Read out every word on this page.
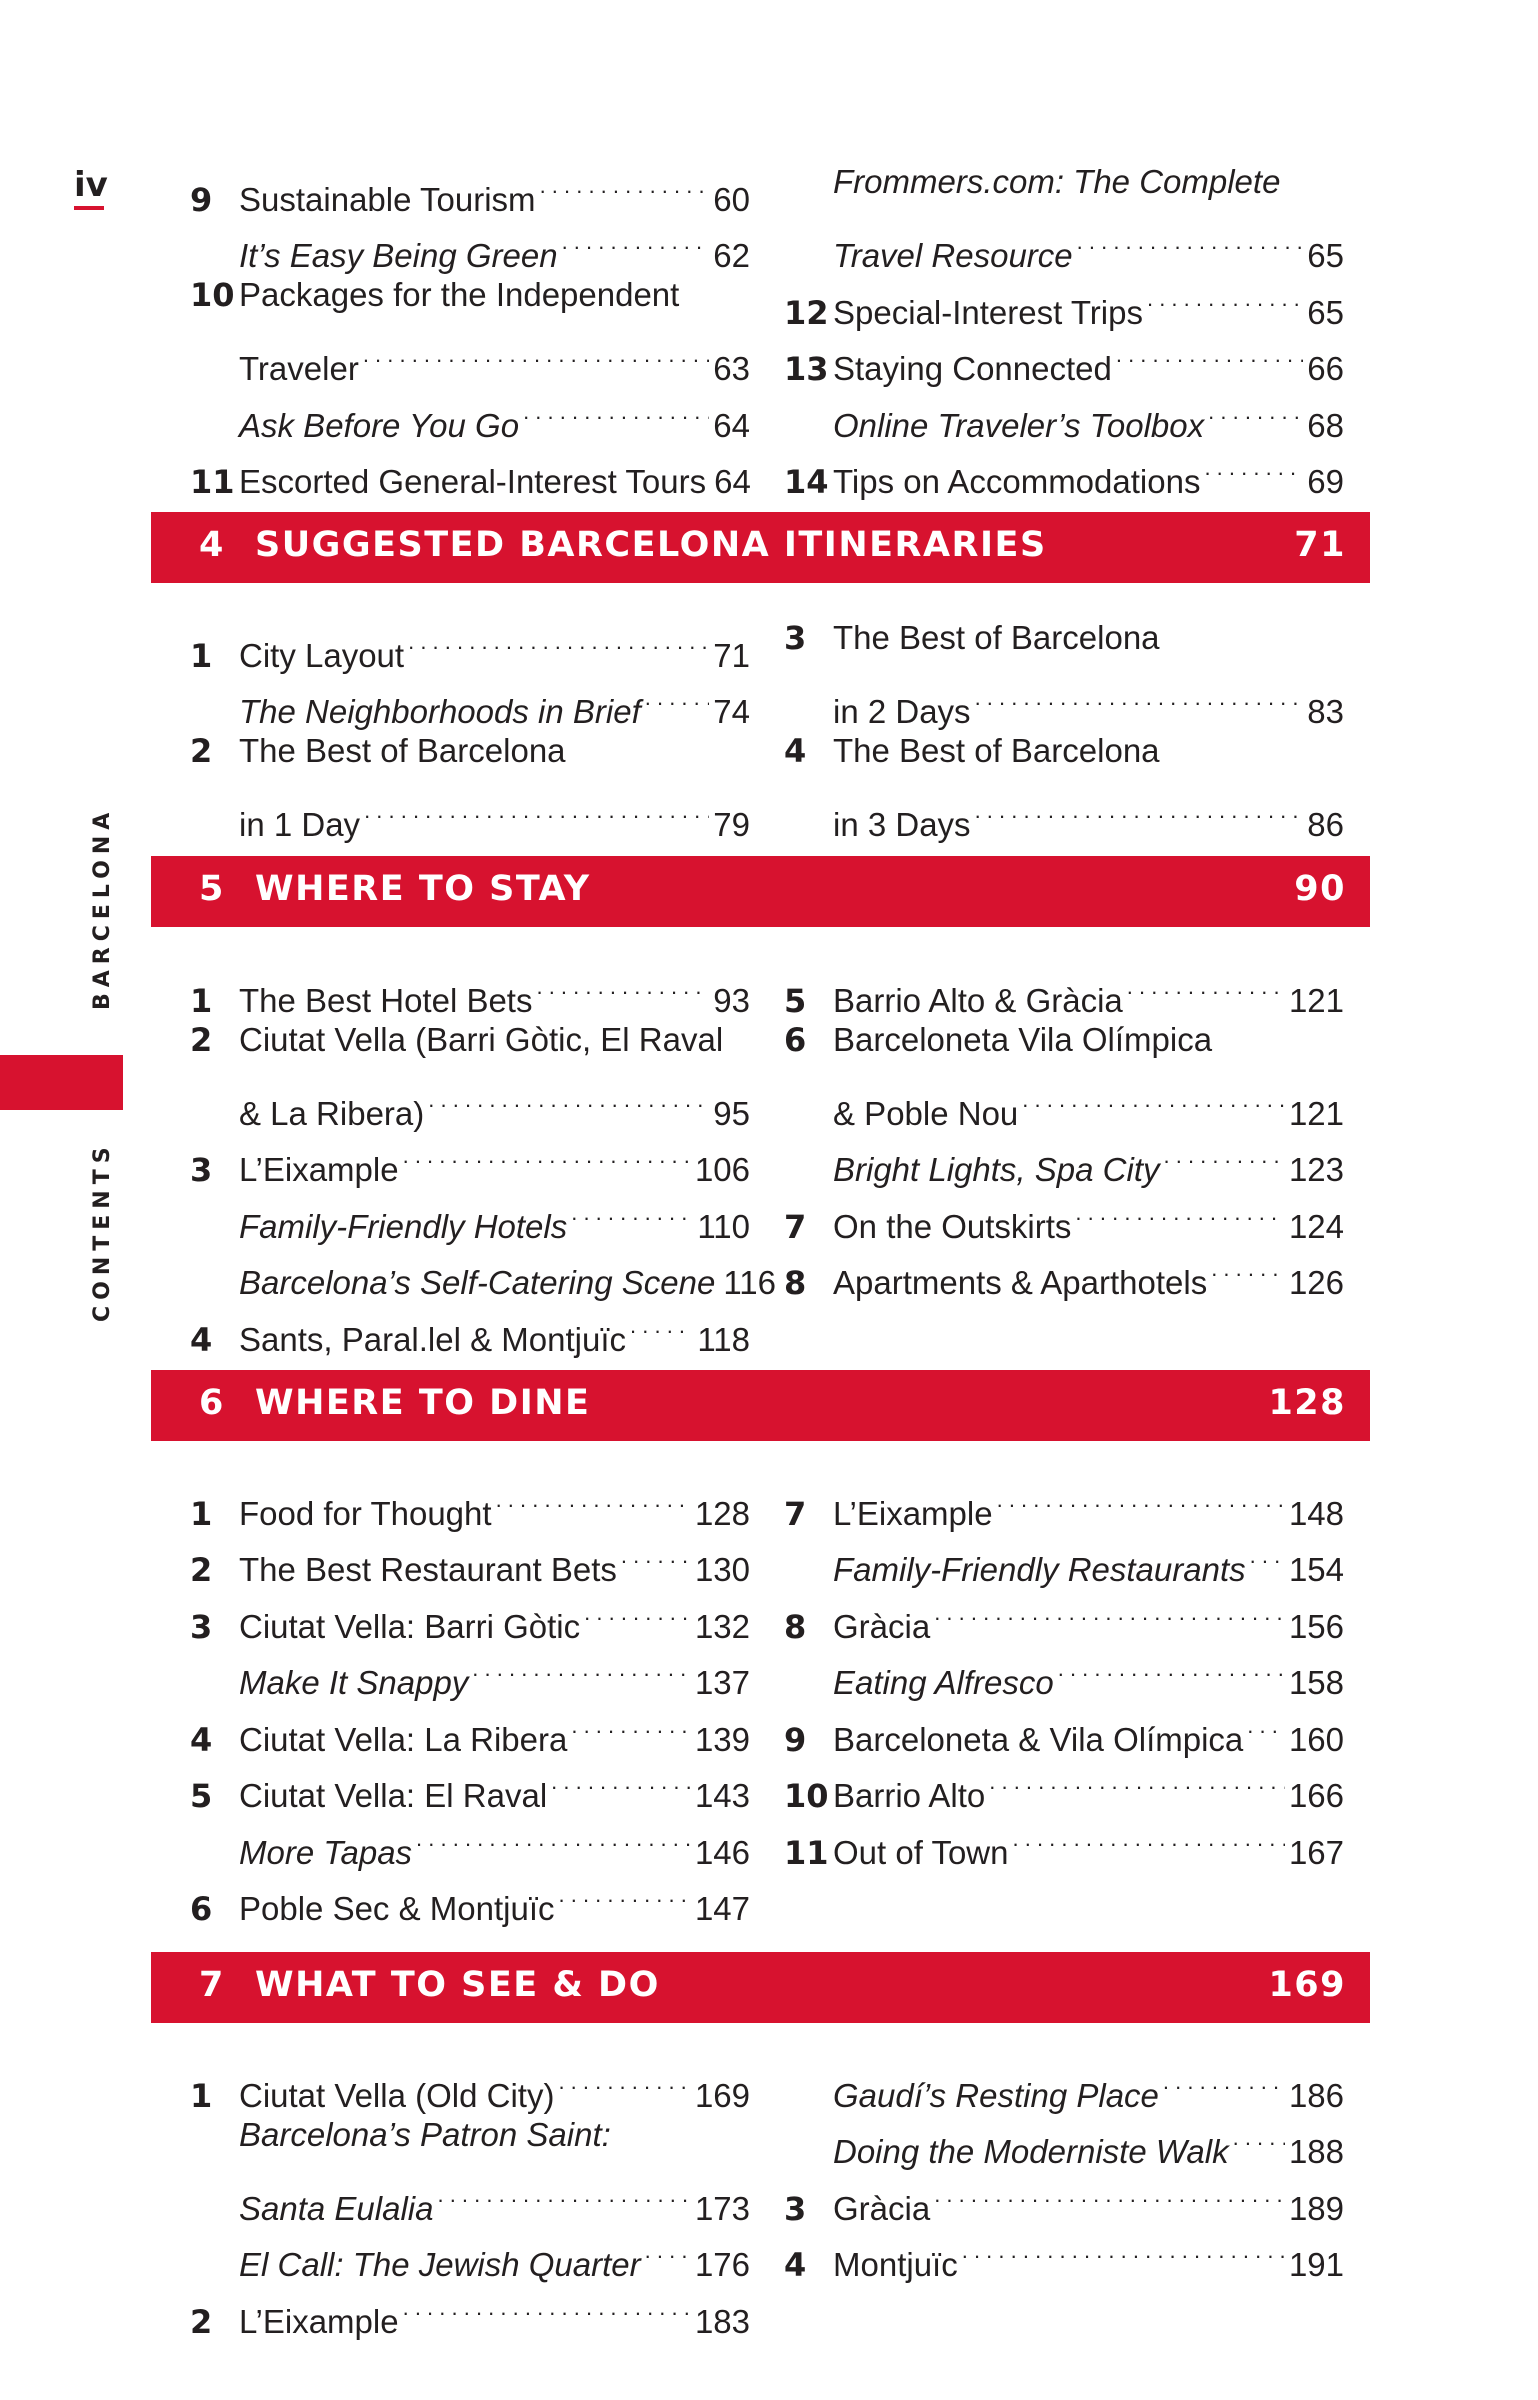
iv
BARCELONA
CONTENTS
9 Sustainable Tourism . . .	60
It’s Easy Being Green . . .	62
10 Packages for the Independent
Traveler . . .	63
Ask Before You Go . . .	64
11 Escorted General-Interest Tours 64
Frommers.com: The Complete
Travel Resource . . .	65
12 Special-Interest Trips . . .	65
13 Staying Connected . . .	66
Online Traveler’s Toolbox . . .	68
14 Tips on Accommodations . . .	69
4 SUGGESTED BARCELONA ITINERARIES	71
1 City Layout . . .	71
The Neighborhoods in Brief . . . 74
2 The Best of Barcelona
in 1 Day . . .	79
3 The Best of Barcelona
in 2 Days . . .	83
4 The Best of Barcelona
in 3 Days . . .	86
5 WHERE TO STAY	90
1 The Best Hotel Bets . . .	93
2 Ciutat Vella (Barri Gòtic, El Raval
& La Ribera) . . .	95
3 L’Eixample . . .	106
Family-Friendly Hotels . . .	110
Barcelona’s Self-Catering Scene 116
4 Sants, Paral.lel & Montjuïc . . . 118
5 Barrio Alto & Gràcia . . .	121
6 Barceloneta Vila Olímpica
& Poble Nou . . .	121
Bright Lights, Spa City . . .	123
7 On the Outskirts . . .	124
8 Apartments & Aparthotels . . . 126
6 WHERE TO DINE	128
1 Food for Thought . . .	128
2 The Best Restaurant Bets . . . 130
3 Ciutat Vella: Barri Gòtic . . .	132
Make It Snappy . . .	137
4 Ciutat Vella: La Ribera . . .	139
5 Ciutat Vella: El Raval . . .	143
More Tapas . . .	146
6 Poble Sec & Montjuïc . . .	147
7 L’Eixample . . .	148
Family-Friendly Restaurants . . . 154
8 Gràcia . . .	156
Eating Alfresco . . .	158
9 Barceloneta & Vila Olímpica . . . 160
10 Barrio Alto . . .	166
11 Out of Town . . .	167
7 WHAT TO SEE & DO	169
1 Ciutat Vella (Old City) . . .	169
Barcelona’s Patron Saint:
Santa Eulalia . . .	173
El Call: The Jewish Quarter . . . 176
2 L’Eixample . . .	183
Gaudí’s Resting Place . . .	186
Doing the Moderniste Walk . . . 188
3 Gràcia . . .	189
4 Montjuïc . . .	191
